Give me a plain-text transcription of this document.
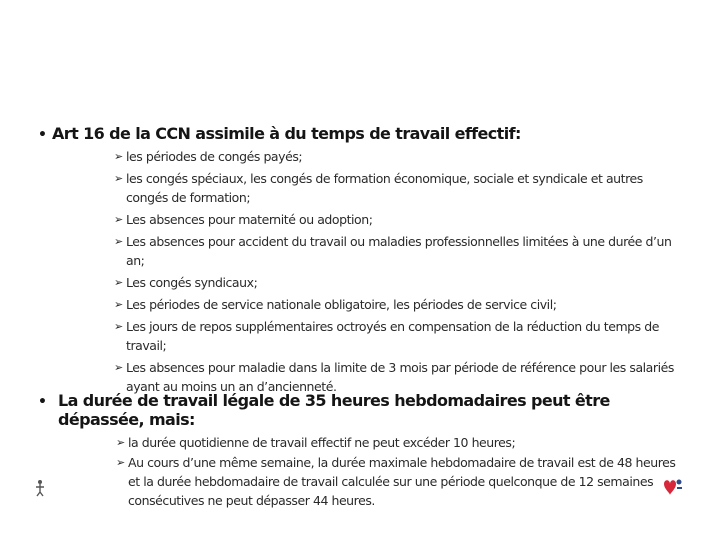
• Art 16 de la CCN assimile à du temps de travail effectif:
➢ les périodes de congés payés;
➢ les congés spéciaux, les congés de formation économique, sociale et syndicale et autres congés de formation;
➢ Les absences pour maternité ou adoption;
➢ Les absences pour accident du travail ou maladies professionnelles limitées à une durée d’un an;
➢ Les congés syndicaux;
➢ Les périodes de service nationale obligatoire, les périodes de service civil;
➢ Les jours de repos supplémentaires octroyés en compensation de la réduction du temps de travail;
➢ Les absences pour maladie dans la limite de 3 mois par période de référence pour les salariés ayant au moins un an d’ancienneté.
• La durée de travail légale de 35 heures hebdomadaires peut être dépassée, mais:
➢ la durée quotidienne de travail effectif ne peut excéder 10 heures;
➢ Au cours d’une même semaine, la durée maximale hebdomadaire de travail est de 48 heures et la durée hebdomadaire de travail calculée sur une période quelconque de 12 semaines consécutives ne peut dépasser 44 heures.
